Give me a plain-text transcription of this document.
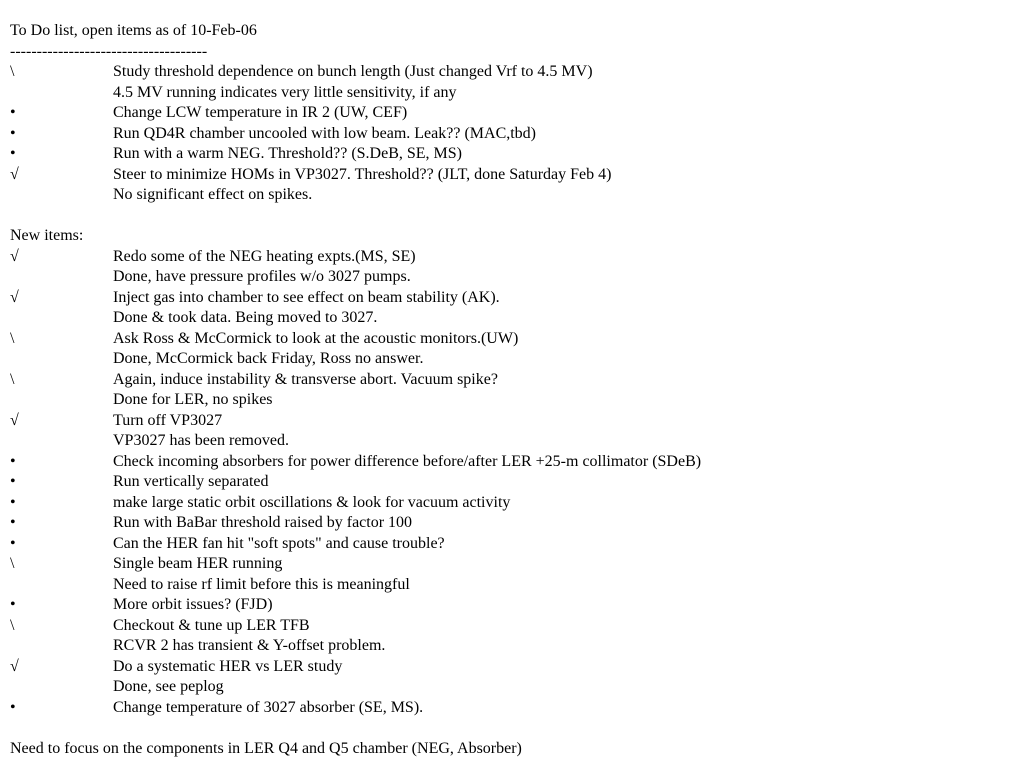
To Do list, open items as of 10-Feb-06
-------------------------------------
\	Study threshold dependence on bunch length (Just changed Vrf to 4.5 MV)
4.5 MV running indicates very little sensitivity, if any
•	Change LCW temperature in IR 2 (UW, CEF)
•	Run QD4R chamber uncooled with low beam. Leak?? (MAC,tbd)
•	Run with a warm NEG. Threshold?? (S.DeB, SE, MS)
√	Steer to minimize HOMs in VP3027. Threshold?? (JLT, done Saturday Feb 4)
No significant effect on spikes.
New items:
√	Redo some of the NEG heating expts.(MS, SE)
Done, have pressure profiles w/o 3027 pumps.
√	Inject gas into chamber to see effect on beam stability (AK).
Done & took data. Being moved to 3027.
\	Ask Ross & McCormick to look at the acoustic monitors.(UW)
Done, McCormick back Friday, Ross no answer.
\	Again, induce instability & transverse abort. Vacuum spike?
Done for LER, no spikes
√	Turn off VP3027
VP3027 has been removed.
•	Check incoming absorbers for power difference before/after LER +25-m collimator (SDeB)
•	Run vertically separated
•	make large static orbit oscillations & look for vacuum activity
•	Run with BaBar threshold raised by factor 100
•	Can the HER fan hit "soft spots" and cause trouble?
\	Single beam HER running
Need to raise rf limit before this is meaningful
•	More orbit issues? (FJD)
\	Checkout & tune up LER TFB
RCVR 2 has transient & Y-offset problem.
√	Do a systematic HER vs LER study
Done, see peplog
•	Change temperature of 3027 absorber (SE, MS).
Need to focus on the components in LER Q4 and Q5 chamber (NEG, Absorber)
